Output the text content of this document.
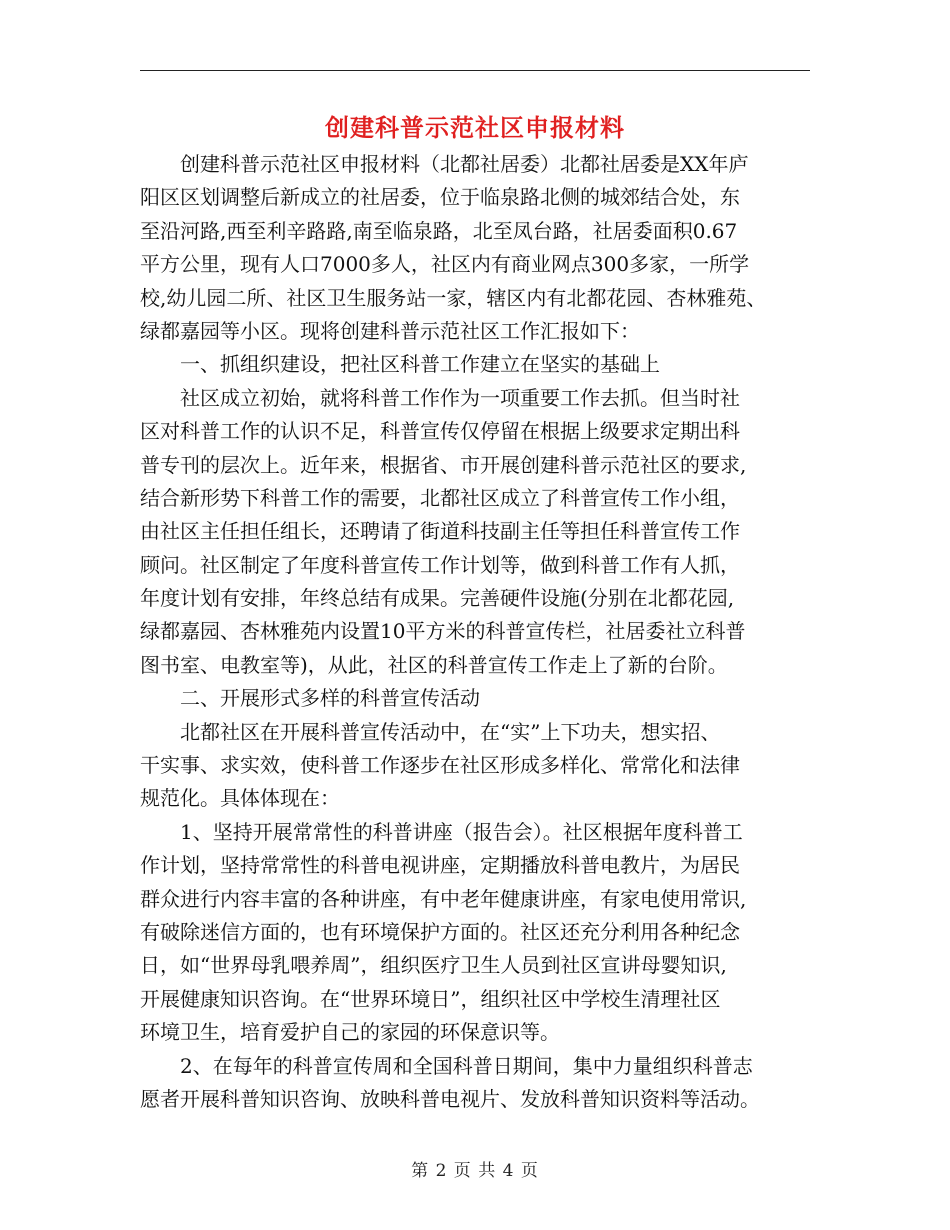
创建科普示范社区申报材料
　　创建科普示范社区申报材料（北都社居委）北都社居委是XX年庐
阳区区划调整后新成立的社居委，位于临泉路北侧的城郊结合处，东
至沿河路,西至利辛路路,南至临泉路，北至凤台路，社居委面积0.67
平方公里，现有人口7000多人，社区内有商业网点300多家，一所学
校,幼儿园二所、社区卫生服务站一家，辖区内有北都花园、杏林雅苑、
绿都嘉园等小区。现将创建科普示范社区工作汇报如下：
　　一、抓组织建设，把社区科普工作建立在坚实的基础上
　　社区成立初始，就将科普工作作为一项重要工作去抓。但当时社
区对科普工作的认识不足，科普宣传仅停留在根据上级要求定期出科
普专刊的层次上。近年来，根据省、市开展创建科普示范社区的要求,
结合新形势下科普工作的需要，北都社区成立了科普宣传工作小组，
由社区主任担任组长，还聘请了街道科技副主任等担任科普宣传工作
顾问。社区制定了年度科普宣传工作计划等，做到科普工作有人抓，
年度计划有安排，年终总结有成果。完善硬件设施(分别在北都花园,
绿都嘉园、杏林雅苑内设置10平方米的科普宣传栏，社居委社立科普
图书室、电教室等)，从此，社区的科普宣传工作走上了新的台阶。
　　二、开展形式多样的科普宣传活动
　　北都社区在开展科普宣传活动中，在“实”上下功夫，想实招、
干实事、求实效，使科普工作逐步在社区形成多样化、常常化和法律
规范化。具体体现在：
　　1、坚持开展常常性的科普讲座（报告会）。社区根据年度科普工
作计划，坚持常常性的科普电视讲座，定期播放科普电教片，为居民
群众进行内容丰富的各种讲座，有中老年健康讲座，有家电使用常识,
有破除迷信方面的，也有环境保护方面的。社区还充分利用各种纪念
日，如“世界母乳喂养周”，组织医疗卫生人员到社区宣讲母婴知识,
开展健康知识咨询。在“世界环境日”，组织社区中学校生清理社区
环境卫生，培育爱护自己的家园的环保意识等。
　　2、在每年的科普宣传周和全国科普日期间，集中力量组织科普志
愿者开展科普知识咨询、放映科普电视片、发放科普知识资料等活动。
第 2 页 共 4 页
